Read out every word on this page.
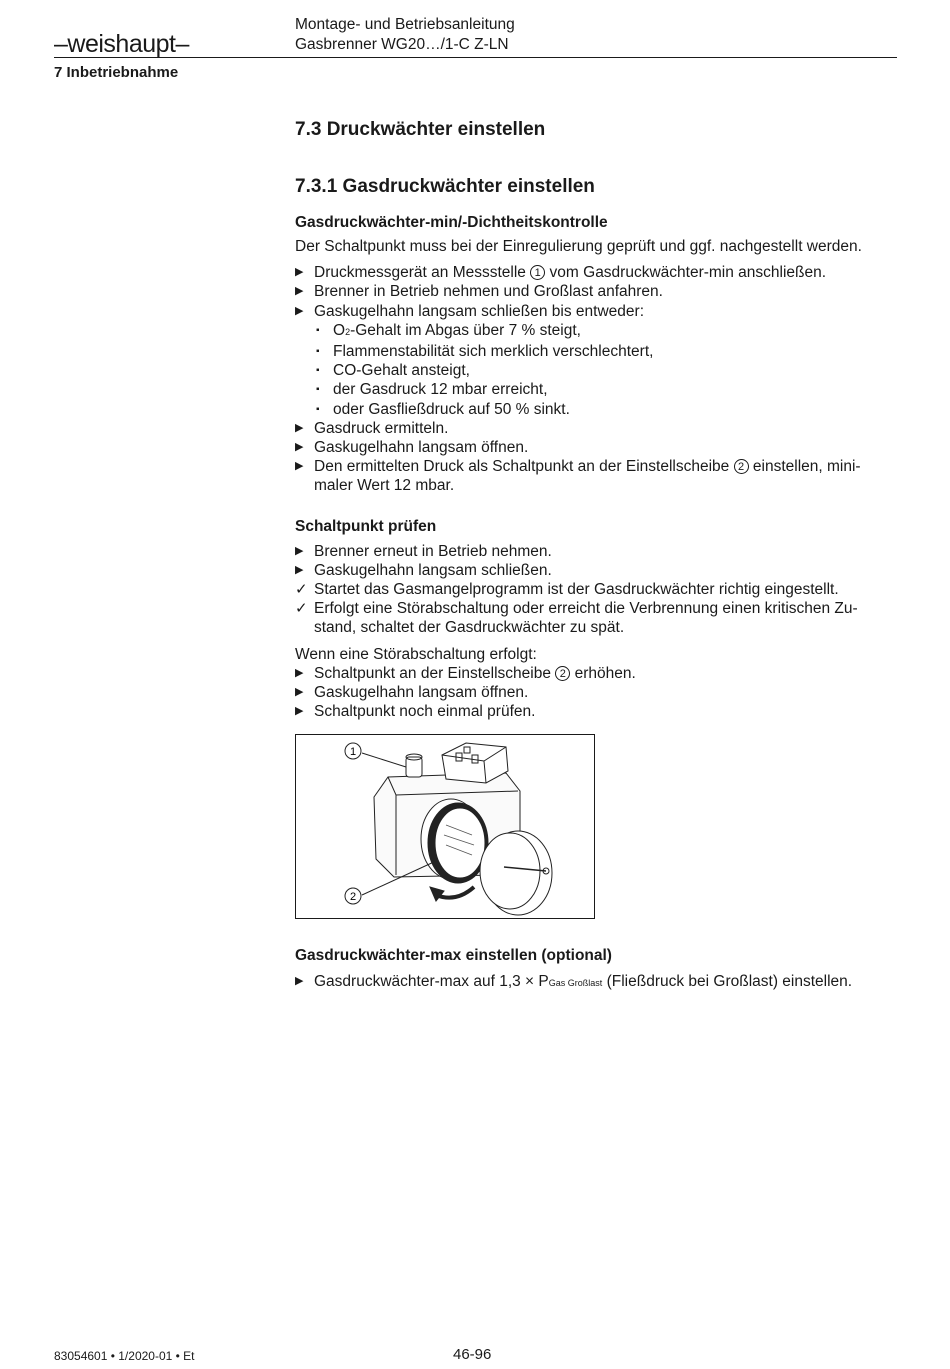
–weishaupt–
Montage- und Betriebsanleitung
Gasbrenner WG20…/1-C Z-LN
7 Inbetriebnahme
7.3 Druckwächter einstellen
7.3.1 Gasdruckwächter einstellen
Gasdruckwächter-min/-Dichtheitskontrolle

Der Schaltpunkt muss bei der Einregulierung geprüft und ggf. nachgestellt werden.

▶ Druckmessgerät an Messstelle 1 vom Gasdruckwächter-min anschließen.
▶ Brenner in Betrieb nehmen und Großlast anfahren.
▶ Gaskugelhahn langsam schließen bis entweder:
▪ O2-Gehalt im Abgas über 7 % steigt,
▪ Flammenstabilität sich merklich verschlechtert,
▪ CO-Gehalt ansteigt,
▪ der Gasdruck 12 mbar erreicht,
▪ oder Gasfließdruck auf 50 % sinkt.
▶ Gasdruck ermitteln.
▶ Gaskugelhahn langsam öffnen.
▶ Den ermittelten Druck als Schaltpunkt an der Einstellscheibe 2 einstellen, mini-
maler Wert 12 mbar.
Schaltpunkt prüfen
▶ Brenner erneut in Betrieb nehmen.
▶ Gaskugelhahn langsam schließen.
✓ Startet das Gasmangelprogramm ist der Gasdruckwächter richtig eingestellt.
✓ Erfolgt eine Störabschaltung oder erreicht die Verbrennung einen kritischen Zu-
stand, schaltet der Gasdruckwächter zu spät.

Wenn eine Störabschaltung erfolgt:

▶ Schaltpunkt an der Einstellscheibe 2 erhöhen.
▶ Gaskugelhahn langsam öffnen.
▶ Schaltpunkt noch einmal prüfen.
1
2
Gasdruckwächter-max einstellen (optional)
▶ Gasdruckwächter-max auf 1,3 × PGas Großlast (Fließdruck bei Großlast) einstellen.
83054601 • 1/2020-01 • Et	46-96
